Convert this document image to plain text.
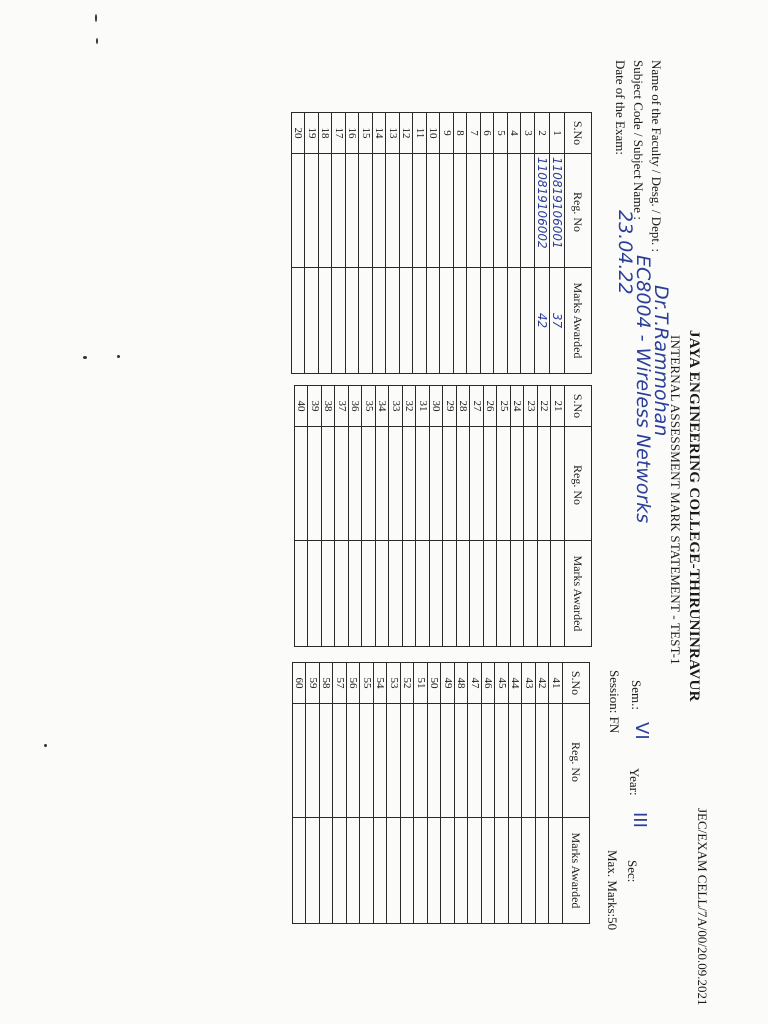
JEC/EXAM CELL/7A/00/20.09.2021
JAYA ENGINEERING COLLEGE-THIRUNINRAVUR
INTERNAL ASSESSMENT MARK STATEMENT - TEST-1
Name of the Faculty / Desg. / Dept. :
Dr.T.Rammohan
Subject Code / Subject Name :
EC8004 - Wireless Networks
Sem.:
VI
Year:
III
Sec:
Date of the Exam:
23.04.22
Session: FN
Max. Marks:50
S.No	Reg. No	Marks Awarded
1	110819106001	37
2	110819106002	42
3		
4		
5		
6		
7		
8		
9		
10		
11		
12		
13		
14		
15		
16		
17		
18		
19		
20		
S.No	Reg. No	Marks Awarded
21		
22		
23		
24		
25		
26		
27		
28		
29		
30		
31		
32		
33		
34		
35		
36		
37		
38		
39		
40		
S.No	Reg. No	Marks Awarded
41		
42		
43		
44		
45		
46		
47		
48		
49		
50		
51		
52		
53		
54		
55		
56		
57		
58		
59		
60		
